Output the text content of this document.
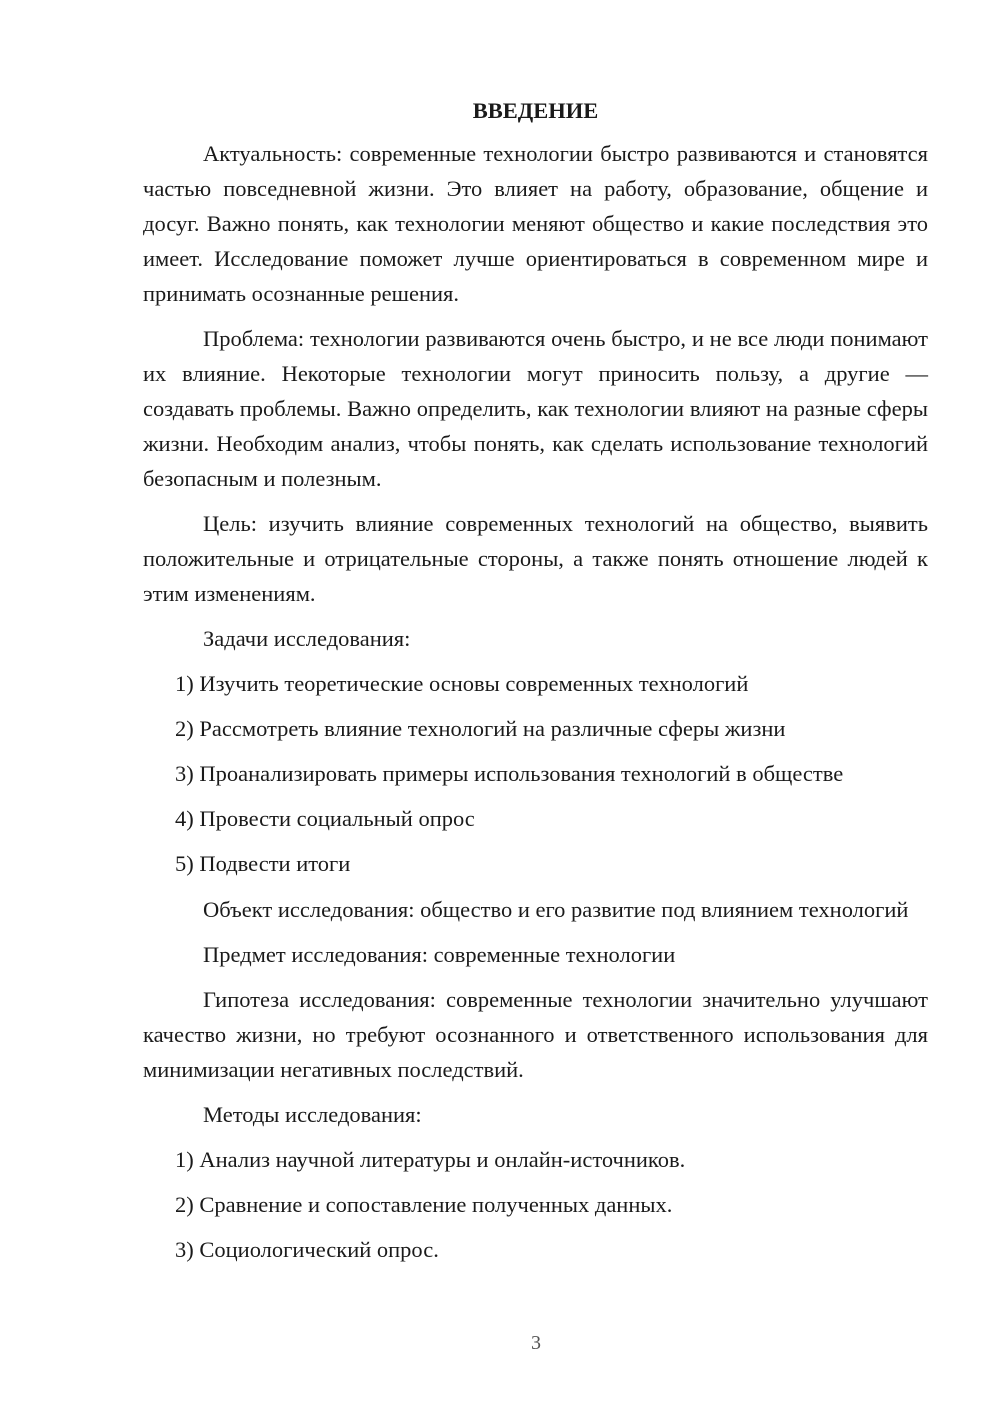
ВВЕДЕНИЕ

Актуальность: современные технологии быстро развиваются и становятся частью повседневной жизни. Это влияет на работу, образование, общение и досуг. Важно понять, как технологии меняют общество и какие последствия это имеет. Исследование поможет лучше ориентироваться в современном мире и принимать осознанные решения.

Проблема: технологии развиваются очень быстро, и не все люди понимают их влияние. Некоторые технологии могут приносить пользу, а другие — создавать проблемы. Важно определить, как технологии влияют на разные сферы жизни. Необходим анализ, чтобы понять, как сделать использование технологий безопасным и полезным.

Цель: изучить влияние современных технологий на общество, выявить положительные и отрицательные стороны, а также понять отношение людей к этим изменениям.

Задачи исследования:

1) Изучить теоретические основы современных технологий
2) Рассмотреть влияние технологий на различные сферы жизни
3) Проанализировать примеры использования технологий в обществе
4) Провести социальный опрос
5) Подвести итоги

Объект исследования: общество и его развитие под влиянием технологий

Предмет исследования: современные технологии

Гипотеза исследования: современные технологии значительно улучшают качество жизни, но требуют осознанного и ответственного использования для минимизации негативных последствий.

Методы исследования:

1) Анализ научной литературы и онлайн-источников.
2) Сравнение и сопоставление полученных данных.
3) Социологический опрос.
3
